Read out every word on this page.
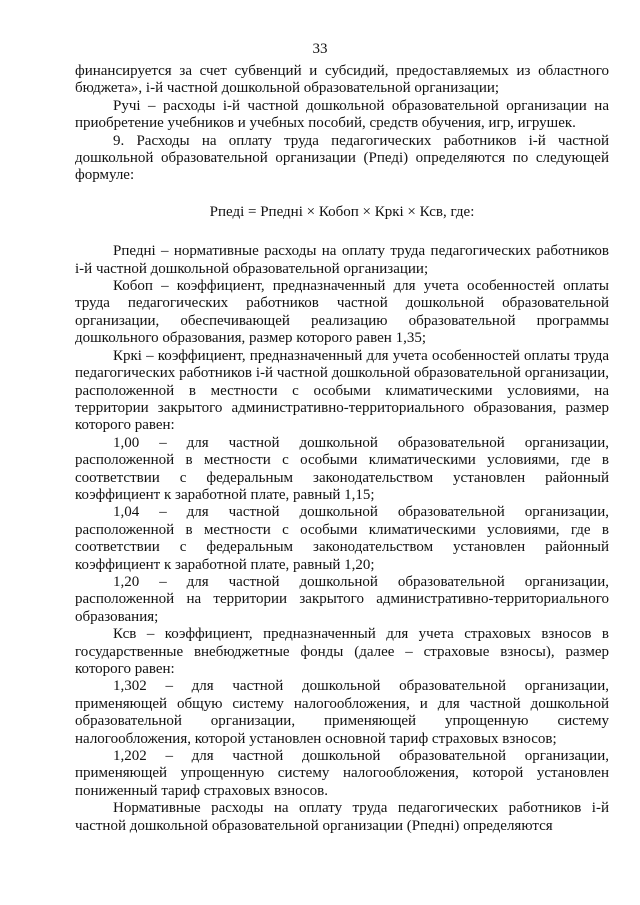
33

финансируется за счет субвенций и субсидий, предоставляемых из областного бюджета», i-й частной дошкольной образовательной организации;

Ручi – расходы i-й частной дошкольной образовательной организации на приобретение учебников и учебных пособий, средств обучения, игр, игрушек.

9. Расходы на оплату труда педагогических работников i-й частной дошкольной образовательной организации (Рпедi) определяются по следующей формуле:

Рпедi = Рпеднi × Кобоп × Кркi × Ксв, где:

Рпеднi – нормативные расходы на оплату труда педагогических работников i-й частной дошкольной образовательной организации;

Кобоп – коэффициент, предназначенный для учета особенностей оплаты труда педагогических работников частной дошкольной образовательной организации, обеспечивающей реализацию образовательной программы дошкольного образования, размер которого равен 1,35;

Кркi – коэффициент, предназначенный для учета особенностей оплаты труда педагогических работников i-й частной дошкольной образовательной организации, расположенной в местности с особыми климатическими условиями, на территории закрытого административно-территориального образования, размер которого равен:

1,00 – для частной дошкольной образовательной организации, расположенной в местности с особыми климатическими условиями, где в соответствии с федеральным законодательством установлен районный коэффициент к заработной плате, равный 1,15;

1,04 – для частной дошкольной образовательной организации, расположенной в местности с особыми климатическими условиями, где в соответствии с федеральным законодательством установлен районный коэффициент к заработной плате, равный 1,20;

1,20 – для частной дошкольной образовательной организации, расположенной на территории закрытого административно-территориального образования;

Ксв – коэффициент, предназначенный для учета страховых взносов в государственные внебюджетные фонды (далее – страховые взносы), размер которого равен:

1,302 – для частной дошкольной образовательной организации, применяющей общую систему налогообложения, и для частной дошкольной образовательной организации, применяющей упрощенную систему налогообложения, которой установлен основной тариф страховых взносов;

1,202 – для частной дошкольной образовательной организации, применяющей упрощенную систему налогообложения, которой установлен пониженный тариф страховых взносов.

Нормативные расходы на оплату труда педагогических работников i-й частной дошкольной образовательной организации (Рпеднi) определяются
